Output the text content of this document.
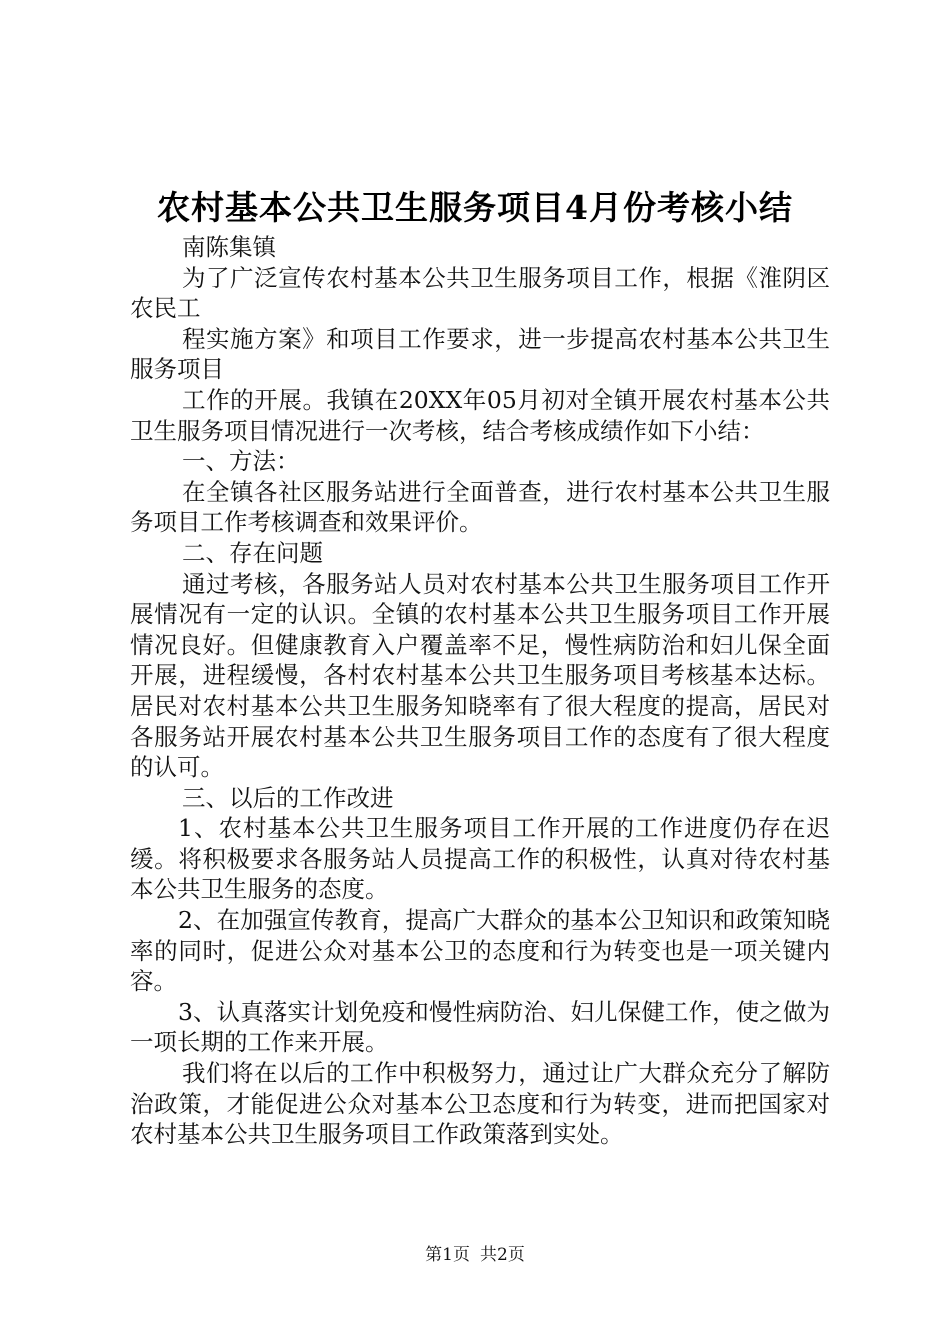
农村基本公共卫生服务项目4月份考核小结

南陈集镇

为了广泛宣传农村基本公共卫生服务项目工作，根据《淮阴区农民工

程实施方案》和项目工作要求，进一步提高农村基本公共卫生服务项目

工作的开展。我镇在20XX年05月初对全镇开展农村基本公共卫生服务项目情况进行一次考核，结合考核成绩作如下小结：

一、方法：

在全镇各社区服务站进行全面普查，进行农村基本公共卫生服务项目工作考核调查和效果评价。

二、存在问题

通过考核，各服务站人员对农村基本公共卫生服务项目工作开展情况有一定的认识。全镇的农村基本公共卫生服务项目工作开展情况良好。但健康教育入户覆盖率不足，慢性病防治和妇儿保全面开展，进程缓慢，各村农村基本公共卫生服务项目考核基本达标。居民对农村基本公共卫生服务知晓率有了很大程度的提高，居民对各服务站开展农村基本公共卫生服务项目工作的态度有了很大程度的认可。

三、以后的工作改进

1、农村基本公共卫生服务项目工作开展的工作进度仍存在迟缓。将积极要求各服务站人员提高工作的积极性，认真对待农村基本公共卫生服务的态度。

2、在加强宣传教育，提高广大群众的基本公卫知识和政策知晓率的同时，促进公众对基本公卫的态度和行为转变也是一项关键内容。

3、认真落实计划免疫和慢性病防治、妇儿保健工作，使之做为一项长期的工作来开展。

我们将在以后的工作中积极努力，通过让广大群众充分了解防治政策，才能促进公众对基本公卫态度和行为转变，进而把国家对农村基本公共卫生服务项目工作政策落到实处。

第1页 共2页
